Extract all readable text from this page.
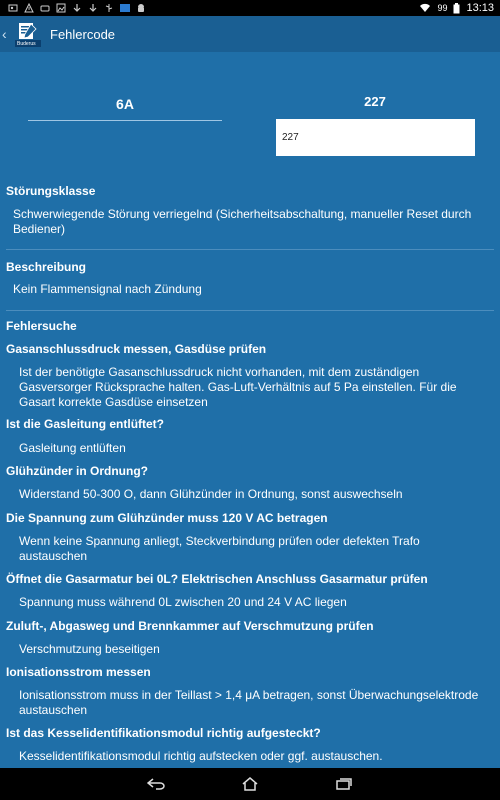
99 13:13
‹
Buderus
Fehlercode
6A	227
227
Störungsklasse
Schwerwiegende Störung verriegelnd (Sicherheitsabschaltung, manueller Reset durch Bediener)
Beschreibung
Kein Flammensignal nach Zündung
Fehlersuche
Gasanschlussdruck messen, Gasdüse prüfen
Ist der benötigte Gasanschlussdruck nicht vorhanden, mit dem zuständigen Gasversorger Rücksprache halten. Gas-Luft-Verhältnis auf 5 Pa einstellen. Für die Gasart korrekte Gasdüse einsetzen
Ist die Gasleitung entlüftet?
Gasleitung entlüften
Glühzünder in Ordnung?
Widerstand 50-300 O, dann Glühzünder in Ordnung, sonst auswechseln
Die Spannung zum Glühzünder muss 120 V AC betragen
Wenn keine Spannung anliegt, Steckverbindung prüfen oder defekten Trafo austauschen
Öffnet die Gasarmatur bei 0L? Elektrischen Anschluss Gasarmatur prüfen
Spannung muss während 0L zwischen 20 und 24 V AC liegen
Zuluft-, Abgasweg und Brennkammer auf Verschmutzung prüfen
Verschmutzung beseitigen
Ionisationsstrom messen
Ionisationsstrom muss in der Teillast > 1,4 μA betragen, sonst Überwachungselektrode austauschen
Ist das Kesselidentifikationsmodul richtig aufgesteckt?
Kesselidentifikationsmodul richtig aufstecken oder ggf. austauschen.
